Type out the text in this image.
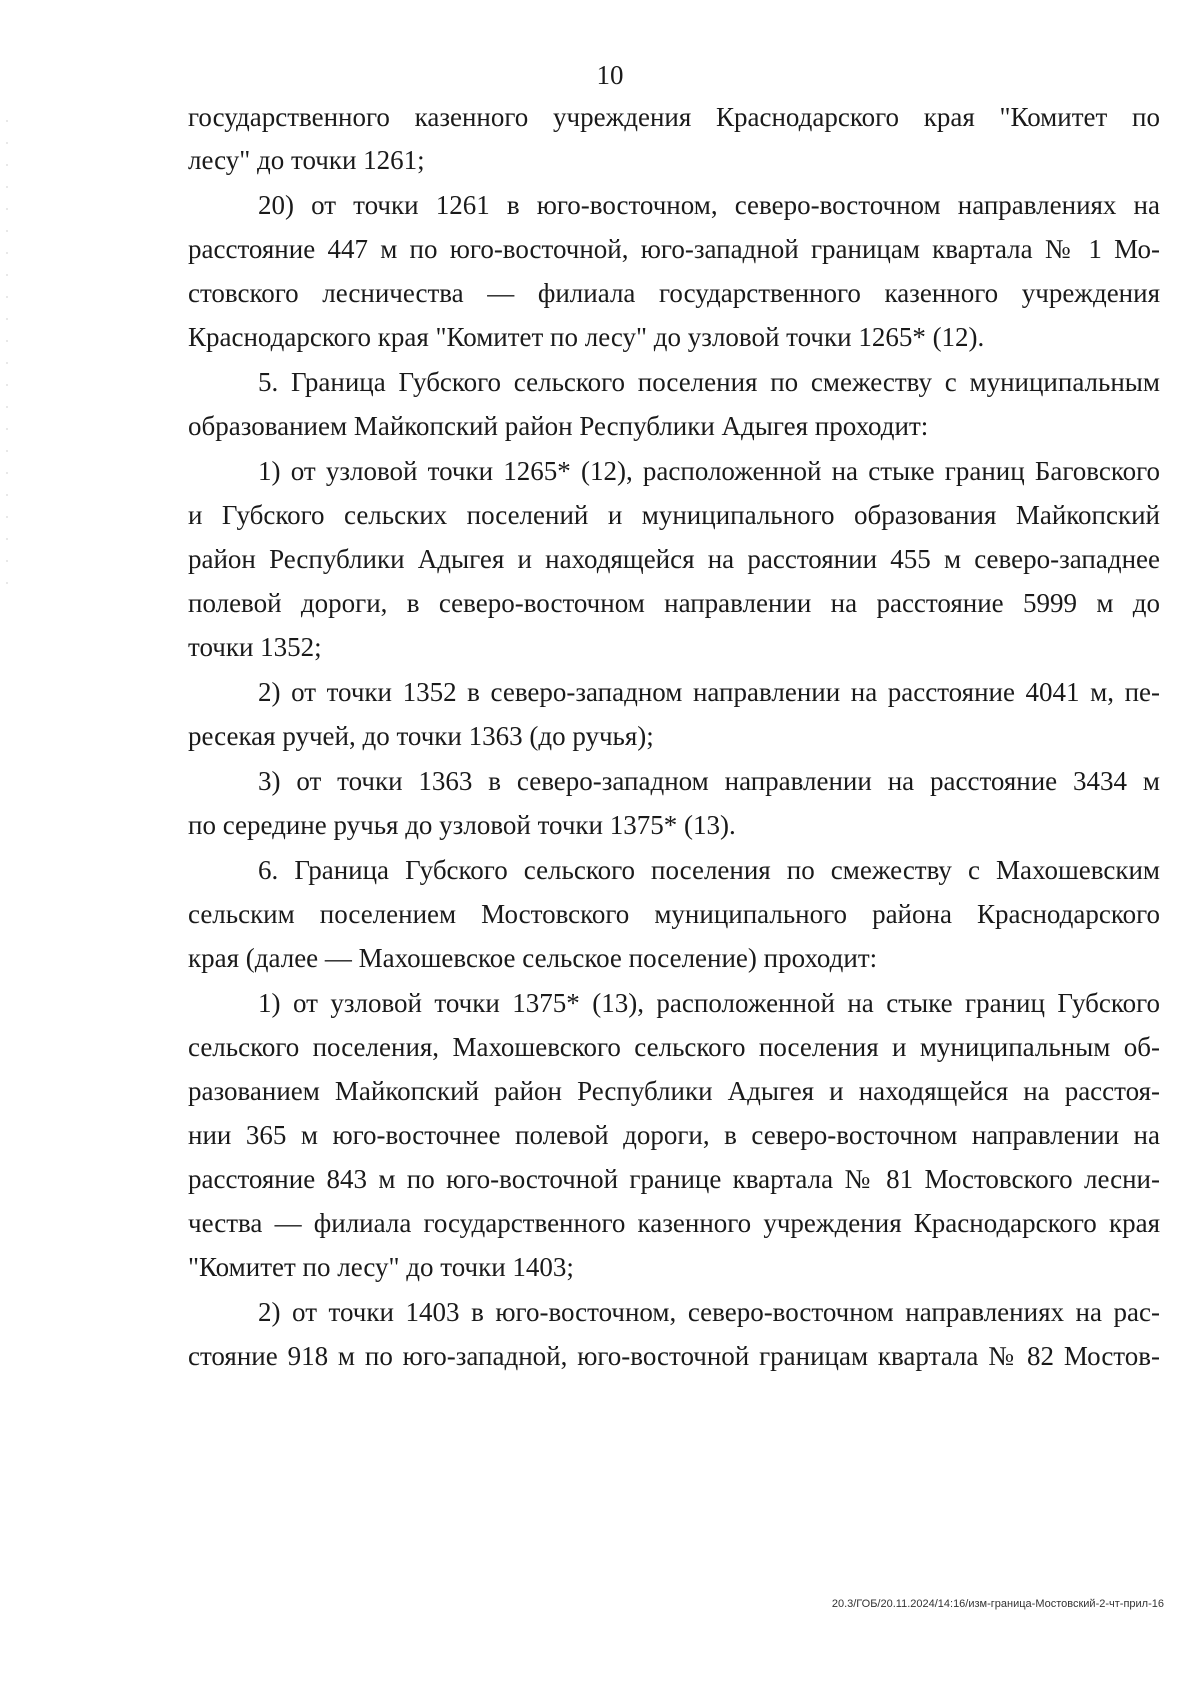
10
государственного казенного учреждения Краснодарского края "Комитет по
лесу" до точки 1261;
20) от точки 1261 в юго-восточном, северо-восточном направлениях на
расстояние 447 м по юго-восточной, юго-западной границам квартала № 1 Мо-
стовского лесничества — филиала государственного казенного учреждения
Краснодарского края "Комитет по лесу" до узловой точки 1265* (12).
5. Граница Губского сельского поселения по смежеству с муниципальным
образованием Майкопский район Республики Адыгея проходит:
1) от узловой точки 1265* (12), расположенной на стыке границ Баговского
и Губского сельских поселений и муниципального образования Майкопский
район Республики Адыгея и находящейся на расстоянии 455 м северо-западнее
полевой дороги, в северо-восточном направлении на расстояние 5999 м до
точки 1352;
2) от точки 1352 в северо-западном направлении на расстояние 4041 м, пе-
ресекая ручей, до точки 1363 (до ручья);
3) от точки 1363 в северо-западном направлении на расстояние 3434 м
по середине ручья до узловой точки 1375* (13).
6. Граница Губского сельского поселения по смежеству с Махошевским
сельским поселением Мостовского муниципального района Краснодарского
края (далее — Махошевское сельское поселение) проходит:
1) от узловой точки 1375* (13), расположенной на стыке границ Губского
сельского поселения, Махошевского сельского поселения и муниципальным об-
разованием Майкопский район Республики Адыгея и находящейся на расстоя-
нии 365 м юго-восточнее полевой дороги, в северо-восточном направлении на
расстояние 843 м по юго-восточной границе квартала № 81 Мостовского лесни-
чества — филиала государственного казенного учреждения Краснодарского края
"Комитет по лесу" до точки 1403;
2) от точки 1403 в юго-восточном, северо-восточном направлениях на рас-
стояние 918 м по юго-западной, юго-восточной границам квартала № 82 Мостов-
20.3/ГОБ/20.11.2024/14:16/изм-граница-Мостовский-2-чт-прил-16
